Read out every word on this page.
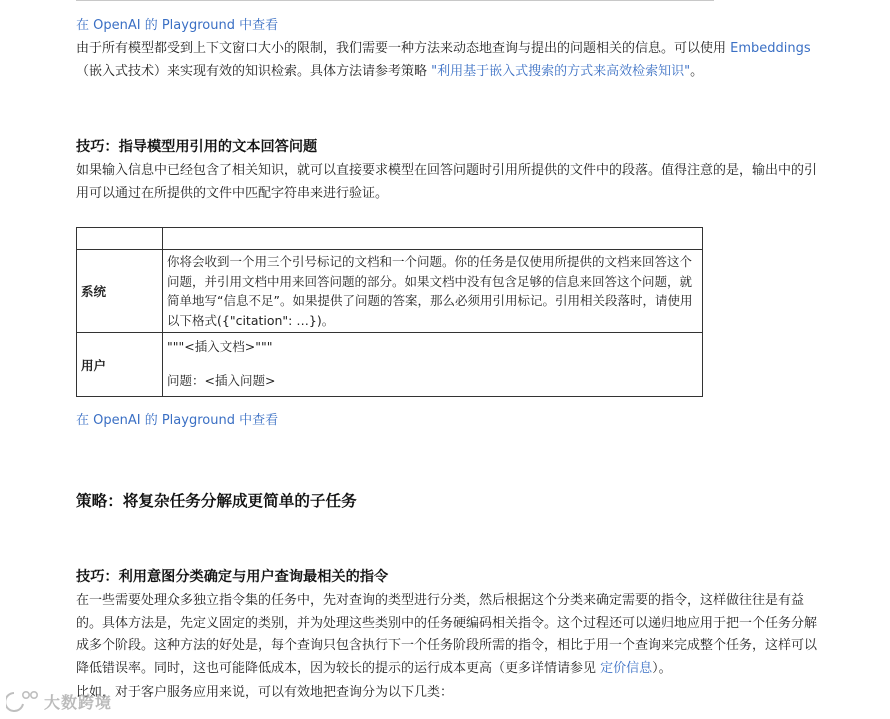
在 OpenAI 的 Playground 中查看
由于所有模型都受到上下文窗口大小的限制，我们需要一种方法来动态地查询与提出的问题相关的信息。可以使用 Embeddings
（嵌入式技术）来实现有效的知识检索。具体方法请参考策略 "利用基于嵌入式搜索的方式来高效检索知识"。
技巧：指导模型用引用的文本回答问题
如果输入信息中已经包含了相关知识，就可以直接要求模型在回答问题时引用所提供的文件中的段落。值得注意的是，输出中的引用可以通过在所提供的文件中匹配字符串来进行验证。

系统	你将会收到一个用三个引号标记的文档和一个问题。你的任务是仅使用所提供的文档来回答这个问题，并引用文档中用来回答问题的部分。如果文档中没有包含足够的信息来回答这个问题，就简单地写“信息不足”。如果提供了问题的答案，那么必须用引用标记。引用相关段落时，请使用以下格式({"citation": …})。
用户	"""<插入文档>"""
问题：<插入问题>
在 OpenAI 的 Playground 中查看
策略：将复杂任务分解成更简单的子任务
技巧：利用意图分类确定与用户查询最相关的指令
在一些需要处理众多独立指令集的任务中，先对查询的类型进行分类，然后根据这个分类来确定需要的指令，这样做往往是有益的。具体方法是，先定义固定的类别，并为处理这些类别中的任务硬编码相关指令。这个过程还可以递归地应用于把一个任务分解成多个阶段。这种方法的好处是，每个查询只包含执行下一个任务阶段所需的指令，相比于用一个查询来完成整个任务，这样可以降低错误率。同时，这也可能降低成本，因为较长的提示的运行成本更高（更多详情请参见 定价信息）。
比如，对于客户服务应用来说，可以有效地把查询分为以下几类：
大数跨境
